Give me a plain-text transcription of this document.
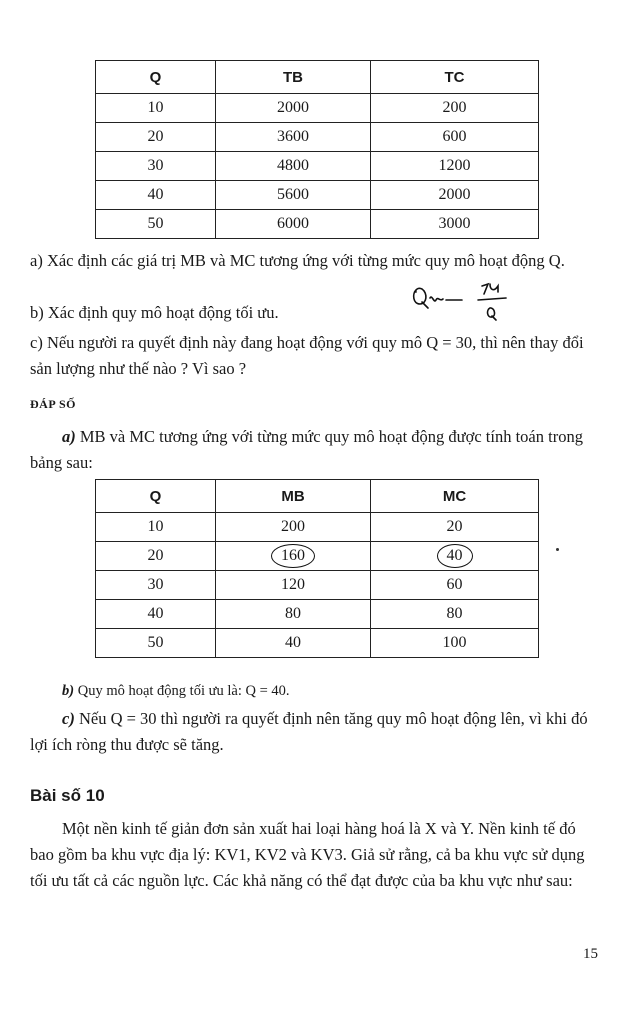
Q	TB	TC
10	2000	200
20	3600	600
30	4800	1200
40	5600	2000
50	6000	3000

a) Xác định các giá trị MB và MC tương ứng với từng mức quy mô hoạt động Q.

b) Xác định quy mô hoạt động tối ưu.

c) Nếu người ra quyết định này đang hoạt động với quy mô Q = 30, thì nên thay đổi sản lượng như thế nào ? Vì sao ?

ĐÁP SỐ

a) MB và MC tương ứng với từng mức quy mô hoạt động được tính toán trong bảng sau:

Q	MB	MC
10	200	20
20	160	40
30	120	60
40	80	80
50	40	100

b) Quy mô hoạt động tối ưu là: Q = 40.

c) Nếu Q = 30 thì người ra quyết định nên tăng quy mô hoạt động lên, vì khi đó lợi ích ròng thu được sẽ tăng.

Bài số 10

Một nền kinh tế giản đơn sản xuất hai loại hàng hoá là X và Y. Nền kinh tế đó bao gồm ba khu vực địa lý: KV1, KV2 và KV3. Giả sử rằng, cả ba khu vực sử dụng tối ưu tất cả các nguồn lực. Các khả năng có thể đạt được của ba khu vực như sau:

15
